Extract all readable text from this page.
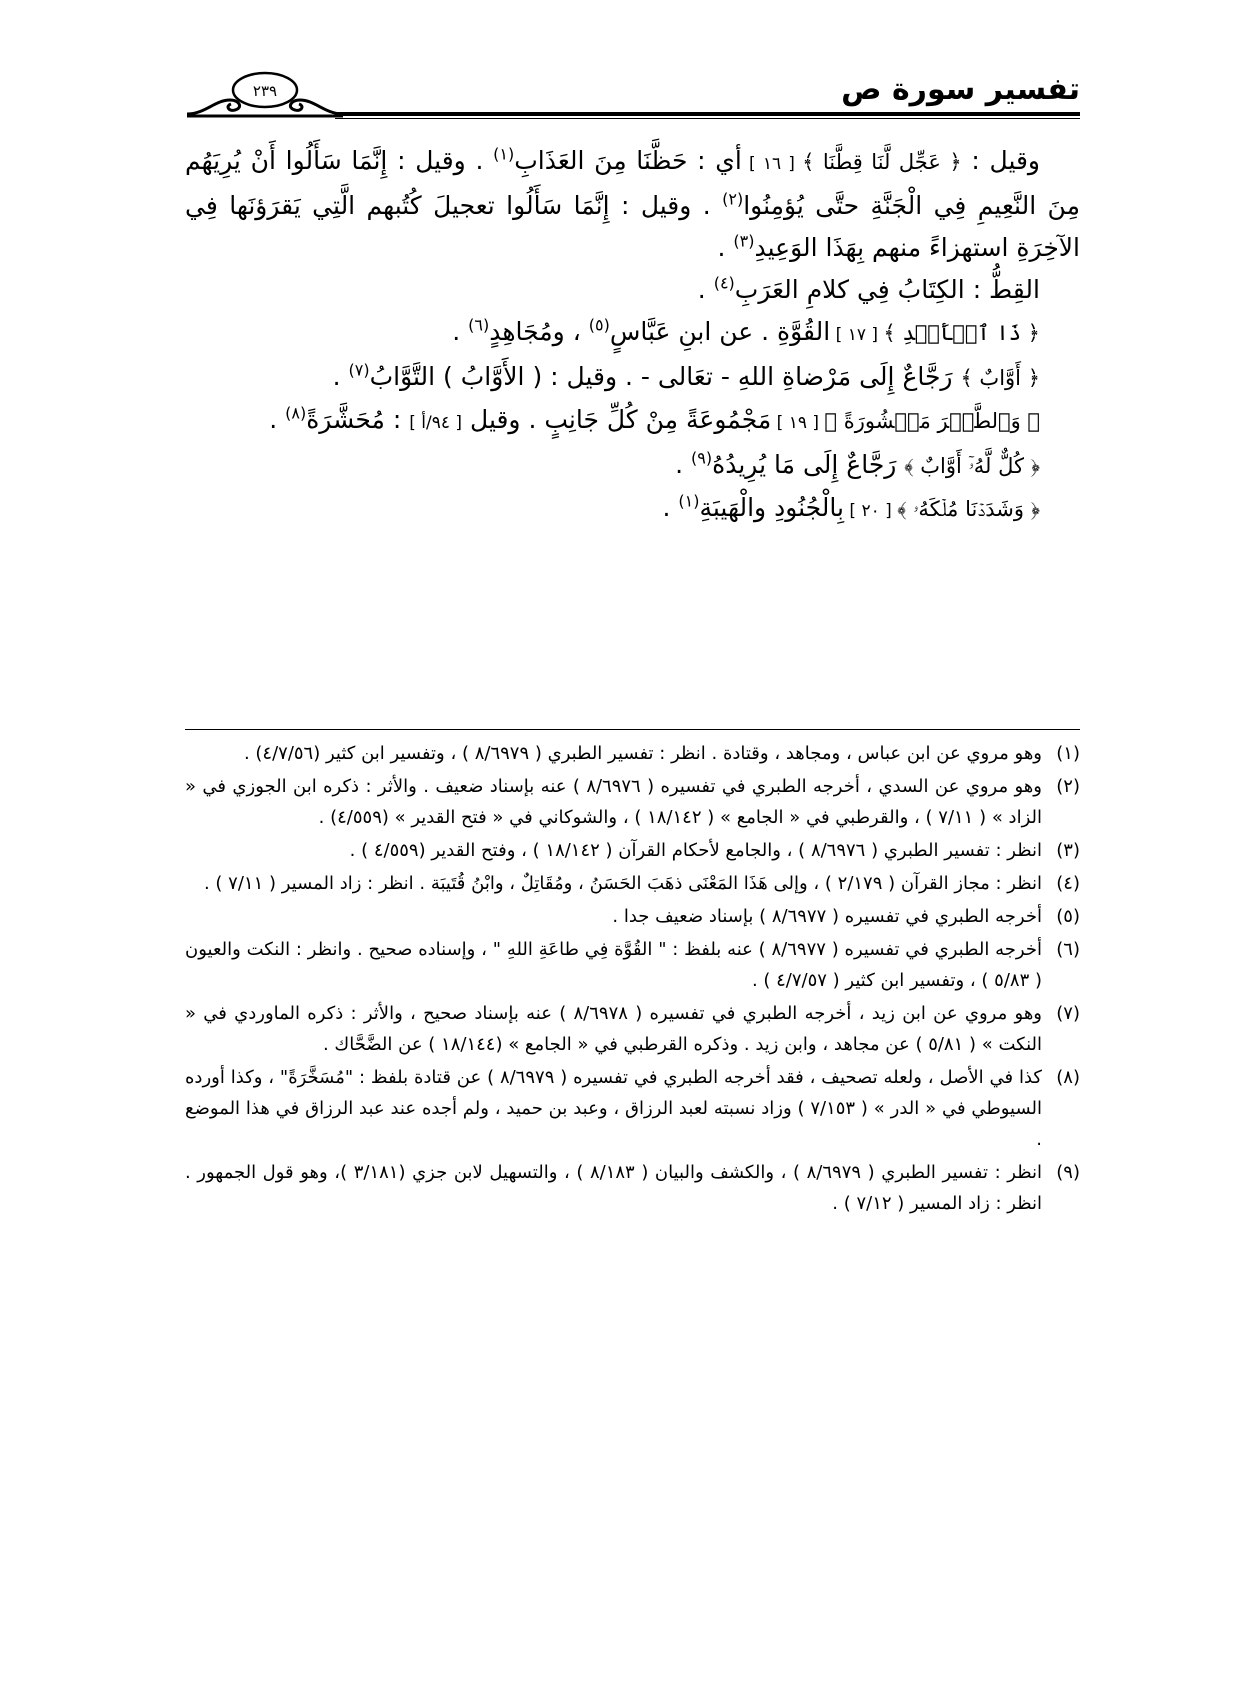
تفسير سورة ص
٢٣٩

وقيل : ﴿ عَجِّل لَّنَا قِطَّنَا ﴾ [ ١٦ ] أي : حَظَّنَا مِنَ العَذَابِ$^{(١)}$ . وقيل : إِنَّمَا سَأَلُوا أَنْ يُرِيَهُم مِنَ النَّعِيمِ فِي الْجَنَّةِ حتَّى يُؤمِنُوا$^{(٢)}$ . وقيل : إِنَّمَا سَأَلُوا تعجيلَ كُتُبهم الَّتِي يَقرَؤنَها فِي الآخِرَةِ استهزاءً منهم بِهَذَا الوَعِيدِ$^{(٣)}$ .

القِطُّ : الكِتَابُ فِي كلامِ العَرَبِ$^{(٤)}$ .

﴿ ذَا ٱلۡأَيۡدِ ﴾ [ ١٧ ] القُوَّةِ . عن ابنِ عَبَّاسٍ$^{(٥)}$ ، ومُجَاهِدٍ$^{(٦)}$ .

﴿ أَوَّابٌ ﴾ رَجَّاعٌ إِلَى مَرْضاةِ اللهِ - تعَالى - . وقيل : ( الأَوَّابُ ) التَّوَّابُ$^{(٧)}$ .

﴿ وَٱلطَّيۡرَ مَحۡشُورَةً ﴾ [ ١٩ ] مَجْمُوعَةً مِنْ كُلِّ جَانِبٍ . وقيل [ ٩٤/أ ] : مُحَشَّرَةً$^{(٨)}$ .

﴿ كُلٌّ لَّهُۥٓ أَوَّابٌ ﴾ رَجَّاعٌ إِلَى مَا يُرِيدُهُ$^{(٩)}$ .

﴿ وَشَدَدۡنَا مُلۡكَهُۥ ﴾ [ ٢٠ ] بِالْجُنُودِ والْهَيبَةِ$^{(١)}$ .

(١)
وهو مروي عن ابن عباس ، ومجاهد ، وقتادة . انظر : تفسير الطبري ( ٨/٦٩٧٩ ) ، وتفسير ابن كثير (٤/٧/٥٦) .
(٢)
وهو مروي عن السدي ، أخرجه الطبري في تفسيره ( ٨/٦٩٧٦ ) عنه بإسناد ضعيف . والأثر : ذكره ابن الجوزي في « الزاد » ( ٧/١١ ) ، والقرطبي في « الجامع » ( ١٨/١٤٢ ) ، والشوكاني في « فتح القدير » (٤/٥٥٩) .
(٣)
انظر : تفسير الطبري ( ٨/٦٩٧٦ ) ، والجامع لأحكام القرآن ( ١٨/١٤٢ ) ، وفتح القدير (٤/٥٥٩ ) .
(٤)
انظر : مجاز القرآن ( ٢/١٧٩ ) ، وإلى هَذَا المَعْنَى ذهَبَ الحَسَنُ ، ومُقَاتِلٌ ، وابْنُ قُتَيبَة . انظر : زاد المسير ( ٧/١١ ) .
(٥)
أخرجه الطبري في تفسيره ( ٨/٦٩٧٧ ) بإسناد ضعيف جدا .
(٦)
أخرجه الطبري في تفسيره ( ٨/٦٩٧٧ ) عنه بلفظ : " القُوَّة فِي طاعَةِ اللهِ " ، وإسناده صحيح . وانظر : النكت والعيون ( ٥/٨٣ ) ، وتفسير ابن كثير ( ٤/٧/٥٧ ) .
(٧)
وهو مروي عن ابن زيد ، أخرجه الطبري في تفسيره ( ٨/٦٩٧٨ ) عنه بإسناد صحيح ، والأثر : ذكره الماوردي في « النكت » ( ٥/٨١ ) عن مجاهد ، وابن زيد . وذكره القرطبي في « الجامع » (١٨/١٤٤ ) عن الضَّحَّاك .
(٨)
كذا في الأصل ، ولعله تصحيف ، فقد أخرجه الطبري في تفسيره ( ٨/٦٩٧٩ ) عن قتادة بلفظ : "مُسَخَّرَةً" ، وكذا أورده السيوطي في « الدر » ( ٧/١٥٣ ) وزاد نسبته لعبد الرزاق ، وعبد بن حميد ، ولم أجده عند عبد الرزاق في هذا الموضع .
(٩)
انظر : تفسير الطبري ( ٨/٦٩٧٩ ) ، والكشف والبيان ( ٨/١٨٣ ) ، والتسهيل لابن جزي (٣/١٨١ )، وهو قول الجمهور . انظر : زاد المسير ( ٧/١٢ ) .
